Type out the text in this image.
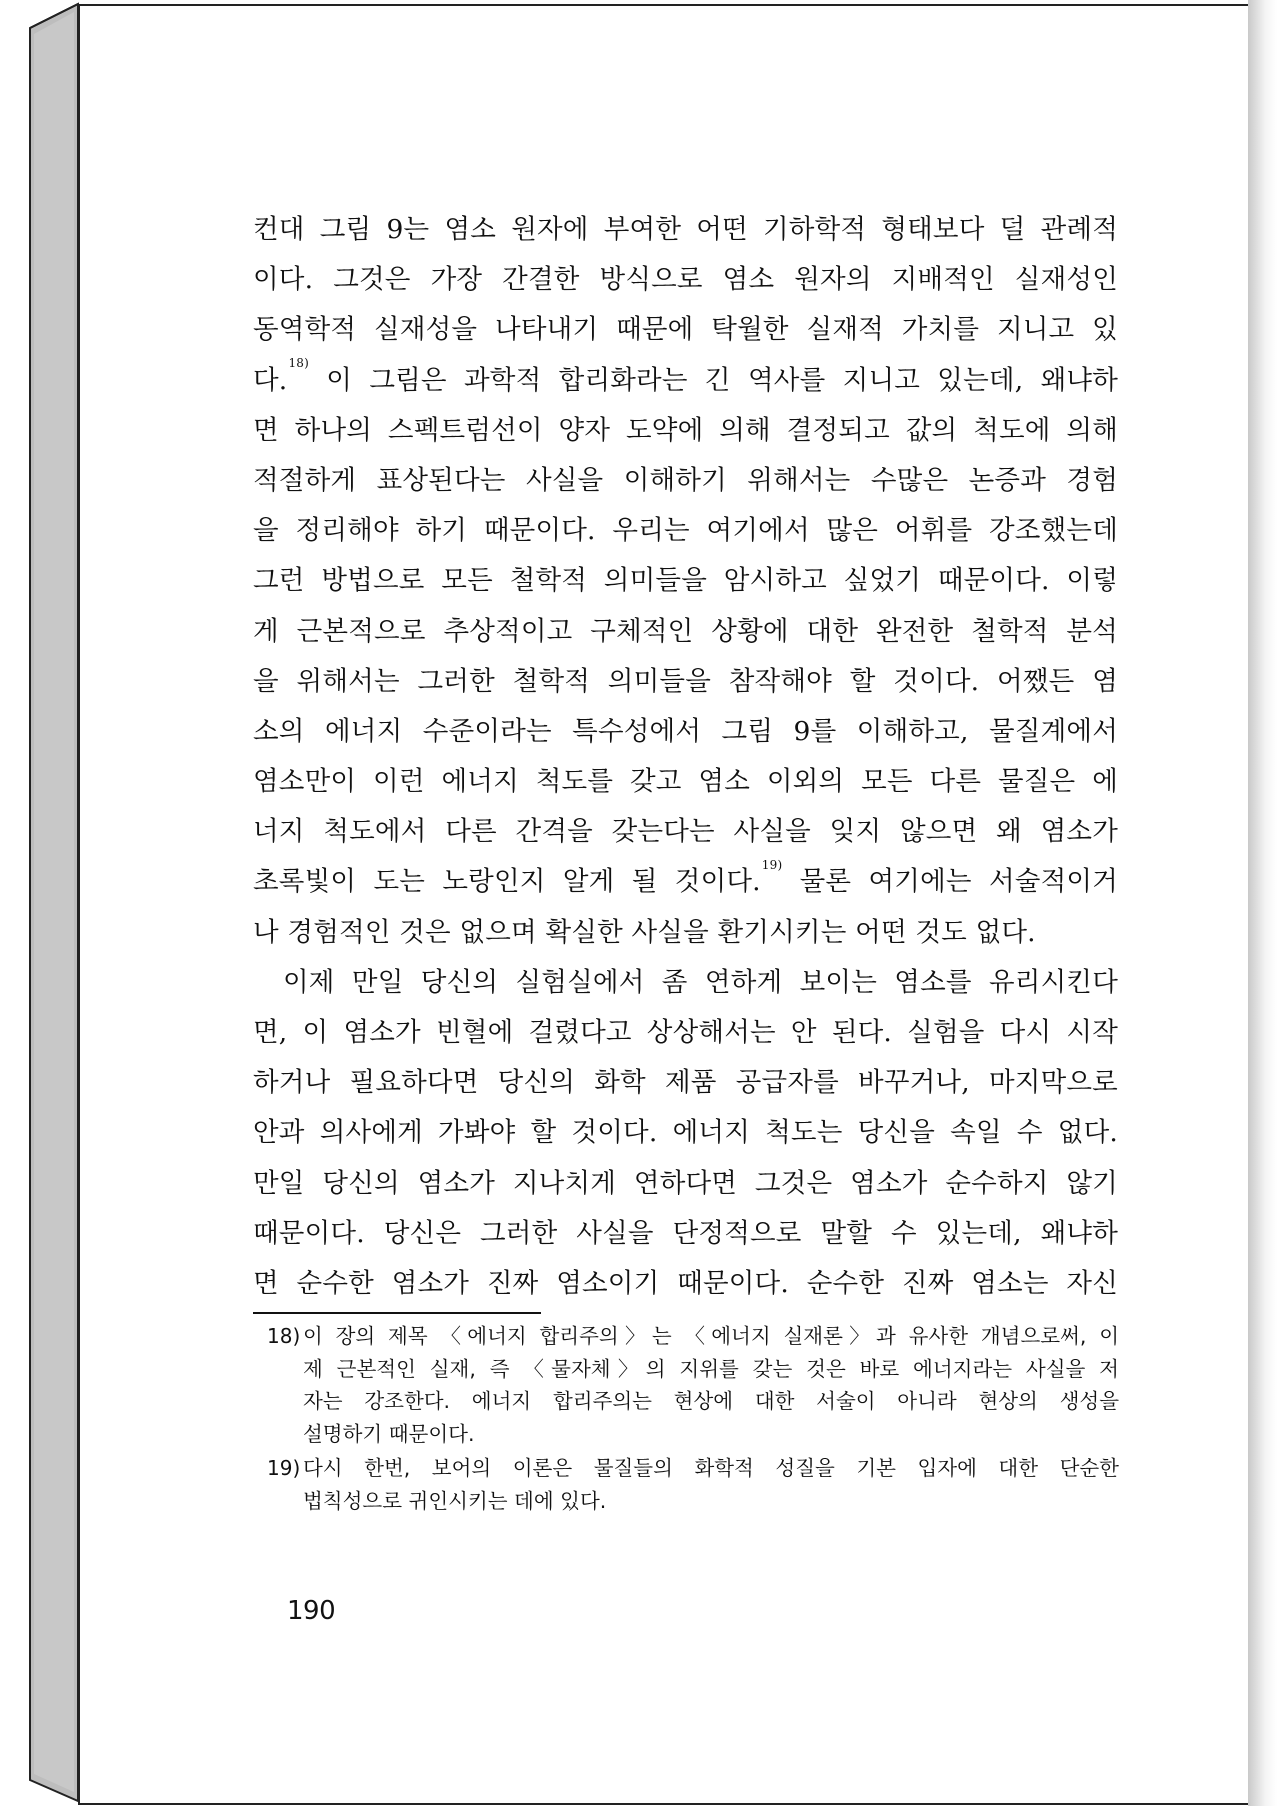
컨대 그림 9는 염소 원자에 부여한 어떤 기하학적 형태보다 덜 관례적
이다. 그것은 가장 간결한 방식으로 염소 원자의 지배적인 실재성인
동역학적 실재성을 나타내기 때문에 탁월한 실재적 가치를 지니고 있
다.$^{18)}$ 이 그림은 과학적 합리화라는 긴 역사를 지니고 있는데, 왜냐하
면 하나의 스펙트럼선이 양자 도약에 의해 결정되고 값의 척도에 의해
적절하게 표상된다는 사실을 이해하기 위해서는 수많은 논증과 경험
을 정리해야 하기 때문이다. 우리는 여기에서 많은 어휘를 강조했는데
그런 방법으로 모든 철학적 의미들을 암시하고 싶었기 때문이다. 이렇
게 근본적으로 추상적이고 구체적인 상황에 대한 완전한 철학적 분석
을 위해서는 그러한 철학적 의미들을 참작해야 할 것이다. 어쨌든 염
소의 에너지 수준이라는 특수성에서 그림 9를 이해하고, 물질계에서
염소만이 이런 에너지 척도를 갖고 염소 이외의 모든 다른 물질은 에
너지 척도에서 다른 간격을 갖는다는 사실을 잊지 않으면 왜 염소가
초록빛이 도는 노랑인지 알게 될 것이다.$^{19)}$ 물론 여기에는 서술적이거
나 경험적인 것은 없으며 확실한 사실을 환기시키는 어떤 것도 없다.
이제 만일 당신의 실험실에서 좀 연하게 보이는 염소를 유리시킨다
면, 이 염소가 빈혈에 걸렸다고 상상해서는 안 된다. 실험을 다시 시작
하거나 필요하다면 당신의 화학 제품 공급자를 바꾸거나, 마지막으로
안과 의사에게 가봐야 할 것이다. 에너지 척도는 당신을 속일 수 없다.
만일 당신의 염소가 지나치게 연하다면 그것은 염소가 순수하지 않기
때문이다. 당신은 그러한 사실을 단정적으로 말할 수 있는데, 왜냐하
면 순수한 염소가 진짜 염소이기 때문이다. 순수한 진짜 염소는 자신
18) 이 장의 제목 〈에너지 합리주의〉는 〈에너지 실재론〉과 유사한 개념으로써, 이
제 근본적인 실재, 즉 〈물자체〉의 지위를 갖는 것은 바로 에너지라는 사실을 저
자는 강조한다. 에너지 합리주의는 현상에 대한 서술이 아니라 현상의 생성을
설명하기 때문이다.
19) 다시 한번, 보어의 이론은 물질들의 화학적 성질을 기본 입자에 대한 단순한
법칙성으로 귀인시키는 데에 있다.
190
